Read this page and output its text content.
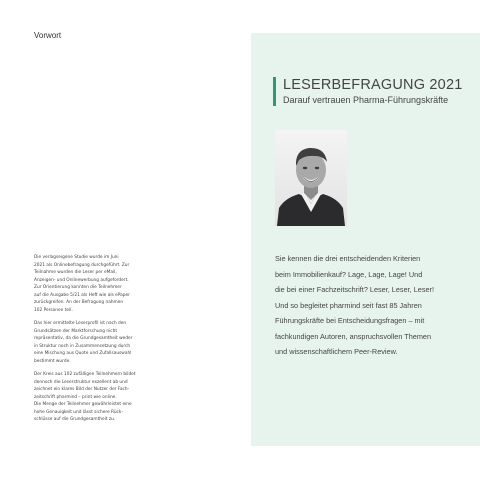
Vorwort

Die verlagseigene Studie wurde im Juni
2021 als Onlinebefragung durchgeführt. Zur
Teilnahme wurden die Leser per eMail,
Anzeigen- und Onlinewerbung aufgefordert.
Zur Orientierung konnten die Teilnehmer
auf die Ausgabe 5/21 als Heft wie als ePaper
zurückgreifen. An der Befragung nahmen
102 Personen teil.

Das hier ermittelte Leserprofil ist nach den
Grundsätzen der Marktforschung nicht
repräsentativ, da die Grundgesamtheit weder
in Struktur noch in Zusammensetzung durch
eine Mischung aus Quote und Zufallsauswahl
bestimmt wurde.

Der Kreis aus 102 zufälligen Teilnehmern bildet
dennoch die Leserstruktur exzellent ab und
zeichnet ein klares Bild der Nutzer der Fach-
zeitschrift pharmind – print wie online.
Die Menge der Teilnehmer gewährleistet eine
hohe Genauigkeit und lässt sichere Rück-
schlüsse auf die Grundgesamtheit zu.

LESERBEFRAGUNG 2021
Darauf vertrauen Pharma-Führungskräfte
Sie kennen die drei entscheidenden Kriterien
beim Immobilienkauf? Lage, Lage, Lage! Und
die bei einer Fachzeitschrift? Leser, Leser, Leser!
Und so begleitet pharmind seit fast 85 Jahren
Führungskräfte bei Entscheidungsfragen – mit
fachkundigen Autoren, anspruchsvollen Themen
und wissenschaftlichem Peer-Review.
